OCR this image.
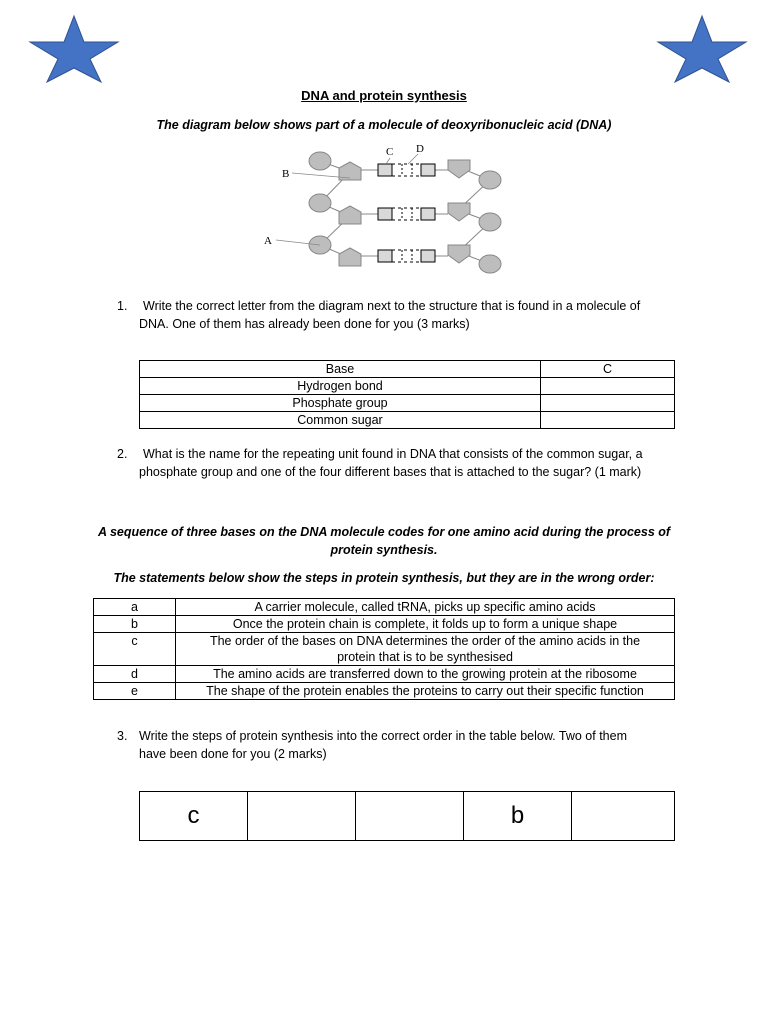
DNA and protein synthesis
The diagram below shows part of a molecule of deoxyribonucleic acid (DNA)
B
A
C D
1. Write the correct letter from the diagram next to the structure that is found in a molecule of
DNA. One of them has already been done for you (3 marks)
Base	C
Hydrogen bond	
Phosphate group	
Common sugar	
2. What is the name for the repeating unit found in DNA that consists of the common sugar, a
phosphate group and one of the four different bases that is attached to the sugar? (1 mark)
A sequence of three bases on the DNA molecule codes for one amino acid during the process of
protein synthesis.
The statements below show the steps in protein synthesis, but they are in the wrong order:
a	A carrier molecule, called tRNA, picks up specific amino acids
b	Once the protein chain is complete, it folds up to form a unique shape
c	The order of the bases on DNA determines the order of the amino acids in the
protein that is to be synthesised
d	The amino acids are transferred down to the growing protein at the ribosome
e	The shape of the protein enables the proteins to carry out their specific function
3. Write the steps of protein synthesis into the correct order in the table below. Two of them
have been done for you (2 marks)
c			b	
